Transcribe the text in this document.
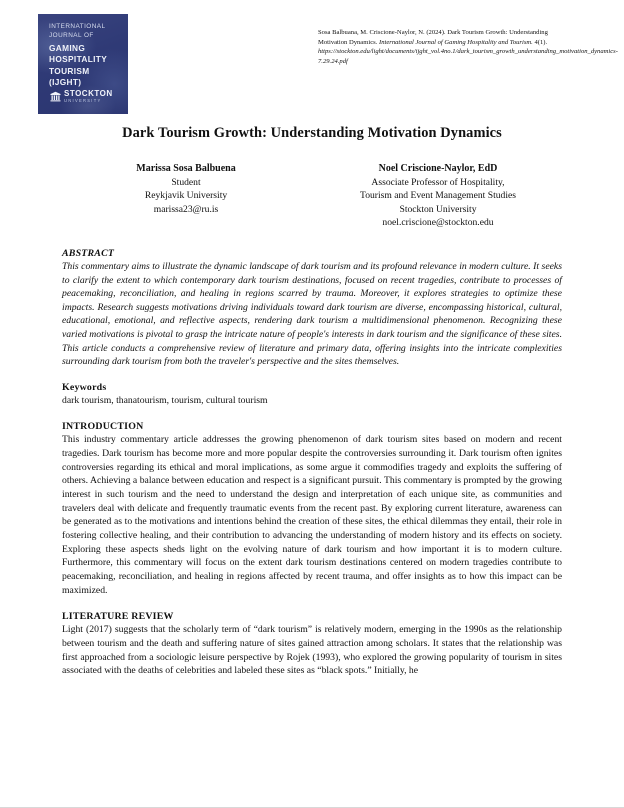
INTERNATIONAL
JOURNAL OF
GAMING
HOSPITALITY
TOURISM
(IJGHT)
STOCKTON
UNIVERSITY
Sosa Balbuana, M. Criscione-Naylor, N. (2024). Dark Tourism Growth: Understanding Motivation Dynamics. International Journal of Gaming Hospitality and Tourism. 4(1). https://stockton.edu/light/documents/ijght_vol.4no.1/dark_tourism_growth_understanding_motivation_dynamics-7.29.24.pdf
Dark Tourism Growth: Understanding Motivation Dynamics
Marissa Sosa Balbuena
Student
Reykjavik University
marissa23@ru.is
Noel Criscione-Naylor, EdD
Associate Professor of Hospitality,
Tourism and Event Management Studies
Stockton University
noel.criscione@stockton.edu
ABSTRACT

This commentary aims to illustrate the dynamic landscape of dark tourism and its profound relevance in modern culture. It seeks to clarify the extent to which contemporary dark tourism destinations, focused on recent tragedies, contribute to processes of peacemaking, reconciliation, and healing in regions scarred by trauma. Moreover, it explores strategies to optimize these impacts. Research suggests motivations driving individuals toward dark tourism are diverse, encompassing historical, cultural, educational, emotional, and reflective aspects, rendering dark tourism a multidimensional phenomenon. Recognizing these varied motivations is pivotal to grasp the intricate nature of people's interests in dark tourism and the significance of these sites. This article conducts a comprehensive review of literature and primary data, offering insights into the intricate complexities surrounding dark tourism from both the traveler's perspective and the sites themselves.

Keywords

dark tourism, thanatourism, tourism, cultural tourism

INTRODUCTION

This industry commentary article addresses the growing phenomenon of dark tourism sites based on modern and recent tragedies. Dark tourism has become more and more popular despite the controversies surrounding it. Dark tourism often ignites controversies regarding its ethical and moral implications, as some argue it commodifies tragedy and exploits the suffering of others. Achieving a balance between education and respect is a significant pursuit. This commentary is prompted by the growing interest in such tourism and the need to understand the design and interpretation of each unique site, as communities and travelers deal with delicate and frequently traumatic events from the recent past. By exploring current literature, awareness can be generated as to the motivations and intentions behind the creation of these sites, the ethical dilemmas they entail, their role in fostering collective healing, and their contribution to advancing the understanding of modern history and its effects on society. Exploring these aspects sheds light on the evolving nature of dark tourism and how important it is to modern culture. Furthermore, this commentary will focus on the extent dark tourism destinations centered on modern tragedies contribute to peacemaking, reconciliation, and healing in regions affected by recent trauma, and offer insights as to how this impact can be maximized.

LITERATURE REVIEW

Light (2017) suggests that the scholarly term of “dark tourism” is relatively modern, emerging in the 1990s as the relationship between tourism and the death and suffering nature of sites gained attraction among scholars. It states that the relationship was first approached from a sociologic leisure perspective by Rojek (1993), who explored the growing popularity of tourism in sites associated with the deaths of celebrities and labeled these sites as “black spots.” Initially, he
